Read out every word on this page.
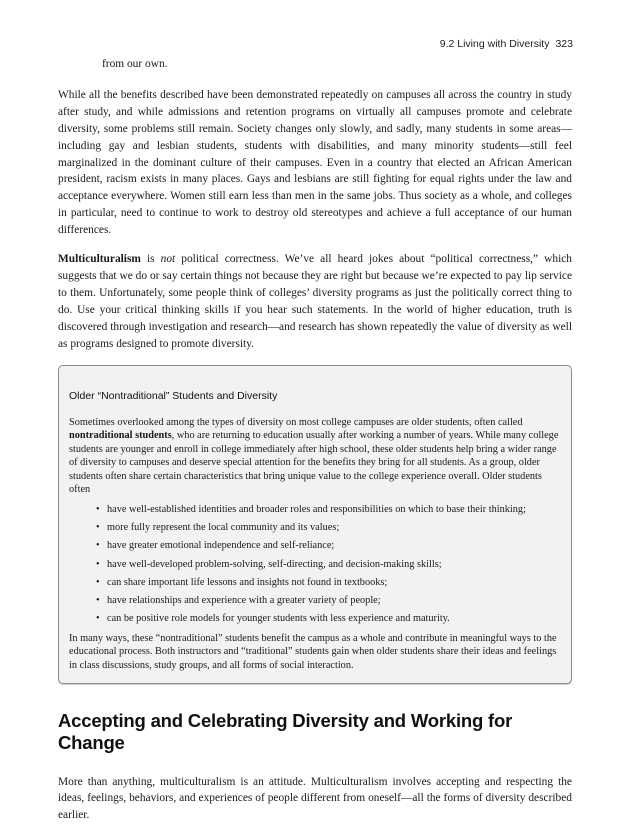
9.2 Living with Diversity 323

from our own.

While all the benefits described have been demonstrated repeatedly on campuses all across the country in study after study, and while admissions and retention programs on virtually all campuses promote and celebrate diversity, some problems still remain. Society changes only slowly, and sadly, many students in some areas—including gay and lesbian students, students with disabilities, and many minority students—still feel marginalized in the dominant culture of their campuses. Even in a country that elected an African American president, racism exists in many places. Gays and lesbians are still fighting for equal rights under the law and acceptance everywhere. Women still earn less than men in the same jobs. Thus society as a whole, and colleges in particular, need to continue to work to destroy old stereotypes and achieve a full acceptance of our human differences.

Multiculturalism is not political correctness. We’ve all heard jokes about “political correctness,” which suggests that we do or say certain things not because they are right but because we’re expected to pay lip service to them. Unfortunately, some people think of colleges’ diversity programs as just the politically correct thing to do. Use your critical thinking skills if you hear such statements. In the world of higher education, truth is discovered through investigation and research—and research has shown repeatedly the value of diversity as well as programs designed to promote diversity.

Older “Nontraditional” Students and Diversity

Sometimes overlooked among the types of diversity on most college campuses are older students, often called nontraditional students, who are returning to education usually after working a number of years. While many college students are younger and enroll in college immediately after high school, these older students help bring a wider range of diversity to campuses and deserve special attention for the benefits they bring for all students. As a group, older students often share certain characteristics that bring unique value to the college experience overall. Older students often

• have well-established identities and broader roles and responsibilities on which to base their thinking;
• more fully represent the local community and its values;
• have greater emotional independence and self-reliance;
• have well-developed problem-solving, self-directing, and decision-making skills;
• can share important life lessons and insights not found in textbooks;
• have relationships and experience with a greater variety of people;
• can be positive role models for younger students with less experience and maturity.

In many ways, these “nontraditional” students benefit the campus as a whole and contribute in meaningful ways to the educational process. Both instructors and “traditional” students gain when older students share their ideas and feelings in class discussions, study groups, and all forms of social interaction.

Accepting and Celebrating Diversity and Working for Change

More than anything, multiculturalism is an attitude. Multiculturalism involves accepting and respecting the ideas, feelings, behaviors, and experiences of people different from oneself—all the forms of diversity described earlier.
